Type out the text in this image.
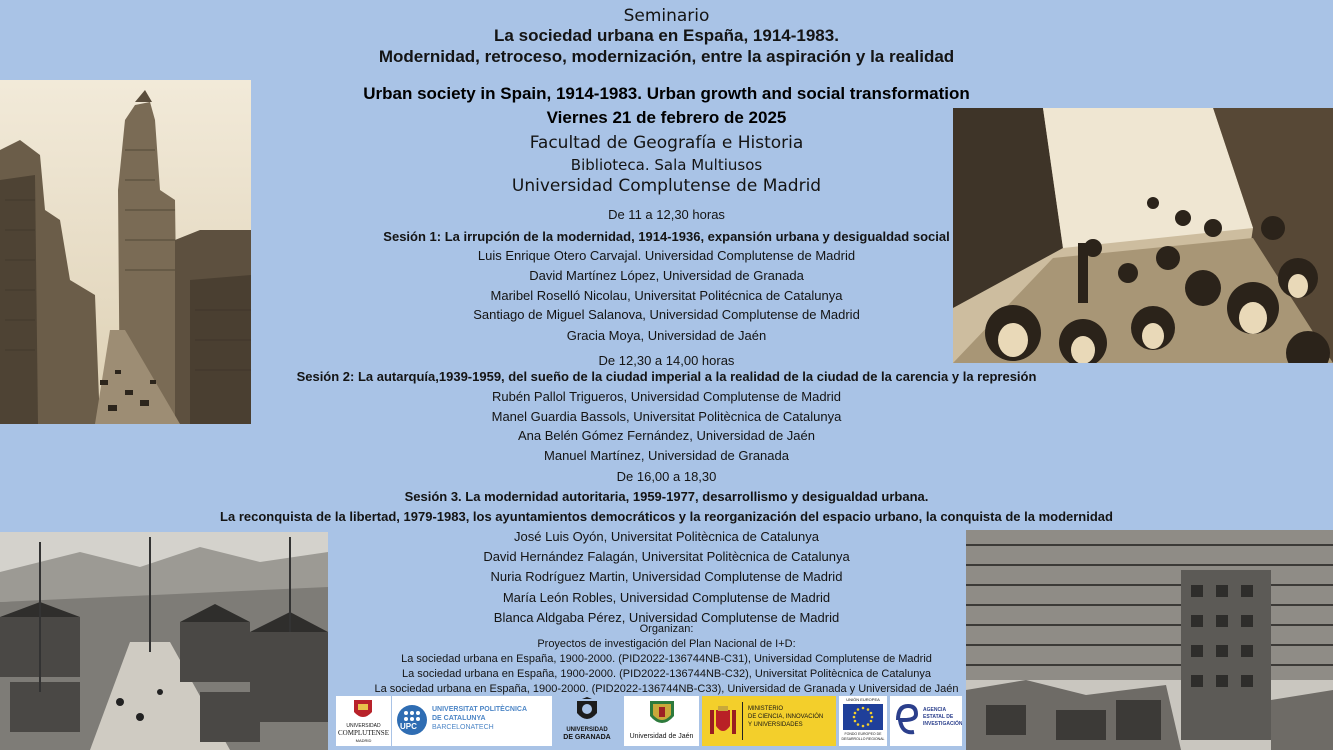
Seminario
La sociedad urbana en España, 1914-1983.
Modernidad, retroceso, modernización, entre la aspiración y la realidad
Urban society in Spain, 1914-1983. Urban growth and social transformation
Viernes 21 de febrero de 2025
Facultad de Geografía e Historia
Biblioteca. Sala Multiusos
Universidad Complutense de Madrid
De 11 a 12,30 horas
Sesión 1: La irrupción de la modernidad, 1914-1936, expansión urbana y desigualdad social
Luis Enrique Otero Carvajal. Universidad Complutense de Madrid
David Martínez López, Universidad de Granada
Maribel Roselló Nicolau, Universitat Politécnica de Catalunya
Santiago de Miguel Salanova, Universidad Complutense de Madrid
Gracia Moya, Universidad de Jaén
De 12,30 a 14,00 horas
Sesión 2: La autarquía,1939-1959, del sueño de la ciudad imperial a la realidad de la ciudad de la carencia y la represión
Rubén Pallol Trigueros, Universidad Complutense de Madrid
Manel Guardia Bassols, Universitat Politècnica de Catalunya
Ana Belén Gómez Fernández, Universidad de Jaén
Manuel Martínez, Universidad de Granada
De 16,00 a 18,30
Sesión 3. La modernidad autoritaria, 1959-1977, desarrollismo y desigualdad urbana.
La reconquista de la libertad, 1979-1983, los ayuntamientos democráticos y la reorganización del espacio urbano, la conquista de la modernidad
José Luis Oyón, Universitat Politècnica de Catalunya
David Hernández Falagán, Universitat Politècnica de Catalunya
Nuria Rodríguez Martin, Universidad Complutense de Madrid
María León Robles, Universidad Complutense de Madrid
Blanca Aldgaba Pérez, Universidad Complutense de Madrid
Organizan:
Proyectos de investigación del Plan Nacional de I+D:
La sociedad urbana en España, 1900-2000. (PID2022-136744NB-C31), Universidad Complutense de Madrid
La sociedad urbana en España, 1900-2000. (PID2022-136744NB-C32), Universitat Politècnica de Catalunya
La sociedad urbana en España, 1900-2000. (PID2022-136744NB-C33), Universidad de Granada y Universidad de Jaén
UNIVERSIDAD
COMPLUTENSE
MADRID
UPC
UNIVERSITAT POLITÈCNICA
DE CATALUNYA
BARCELONATECH	UNIVERSIDAD
DE GRANADA	Universidad de Jaén
MINISTERIO
DE CIENCIA, INNOVACIÓN
Y UNIVERSIDADES
UNIÓN EUROPEA
FONDO EUROPEO DE
DESARROLLO REGIONAL
AGENCIA
ESTATAL DE
INVESTIGACIÓN
